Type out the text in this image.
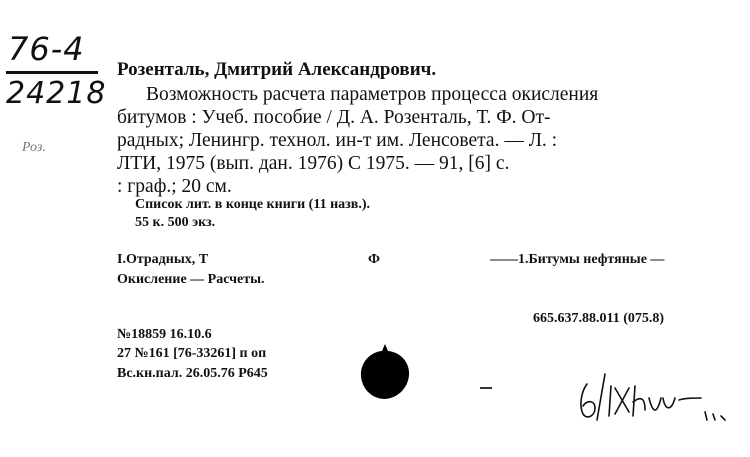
76-4
24218
Роз.
Розенталь, Дмитрий Александрович.
Возможность расчета параметров процесса окисления
битумов : Учеб. пособие / Д. А. Розенталь, Т. Ф. От-
радных; Ленингр. технол. ин-т им. Ленсовета. — Л. :
ЛТИ, 1975 (вып. дан. 1976) С 1975. — 91, [6] с.
: граф.; 20 см.
Список лит. в конце книги (11 назв.).
55 к. 500 экз.
I.Отрадных, Т	Ф	——1.Битумы нефтяные —
Окисление — Расчеты.
665.637.88.011 (075.8)
№18859 16.10.6
27 №161 [76-33261] п оп
Вс.кн.пал. 26.05.76 Р645
